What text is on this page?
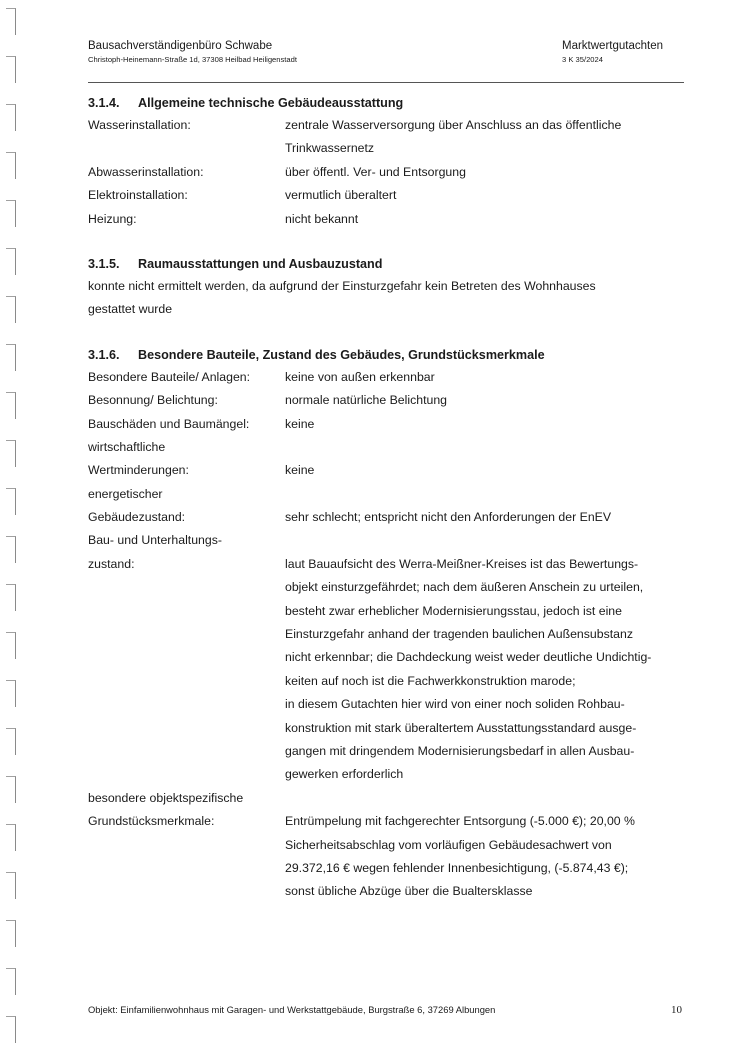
Bausachverständigenbüro Schwabe
Christoph-Heinemann-Straße 1d, 37308 Heilbad Heiligenstadt
Marktwertgutachten
3 K 35/2024
3.1.4. Allgemeine technische Gebäudeausstattung
Wasserinstallation:	zentrale Wasserversorgung über Anschluss an das öffentliche
Trinkwassernetz
Abwasserinstallation:	über öffentl. Ver- und Entsorgung
Elektroinstallation:	vermutlich überaltert
Heizung:	nicht bekannt
3.1.5. Raumausstattungen und Ausbauzustand
konnte nicht ermittelt werden, da aufgrund der Einsturzgefahr kein Betreten des Wohnhauses
gestattet wurde
3.1.6. Besondere Bauteile, Zustand des Gebäudes, Grundstücksmerkmale
Besondere Bauteile/ Anlagen:	keine von außen erkennbar
Besonnung/ Belichtung:	normale natürliche Belichtung
Bauschäden und Baumängel:	keine
wirtschaftliche
Wertminderungen:	keine
energetischer
Gebäudezustand:	sehr schlecht; entspricht nicht den Anforderungen der EnEV
Bau- und Unterhaltungs-
zustand:	laut Bauaufsicht des Werra-Meißner-Kreises ist das Bewertungs-
objekt einsturzgefährdet; nach dem äußeren Anschein zu urteilen,
besteht zwar erheblicher Modernisierungsstau, jedoch ist eine
Einsturzgefahr anhand der tragenden baulichen Außensubstanz
nicht erkennbar; die Dachdeckung weist weder deutliche Undichtig-
keiten auf noch ist die Fachwerkkonstruktion marode;
in diesem Gutachten hier wird von einer noch soliden Rohbau-
konstruktion mit stark überaltertem Ausstattungsstandard ausge-
gangen mit dringendem Modernisierungsbedarf in allen Ausbau-
gewerken erforderlich
besondere objektspezifische
Grundstücksmerkmale:	Entrümpelung mit fachgerechter Entsorgung (-5.000 €); 20,00 %
Sicherheitsabschlag vom vorläufigen Gebäudesachwert von
29.372,16 € wegen fehlender Innenbesichtigung, (-5.874,43 €);
sonst übliche Abzüge über die Bualtersklasse
Objekt: Einfamilienwohnhaus mit Garagen- und Werkstattgebäude, Burgstraße 6, 37269 Albungen	10
